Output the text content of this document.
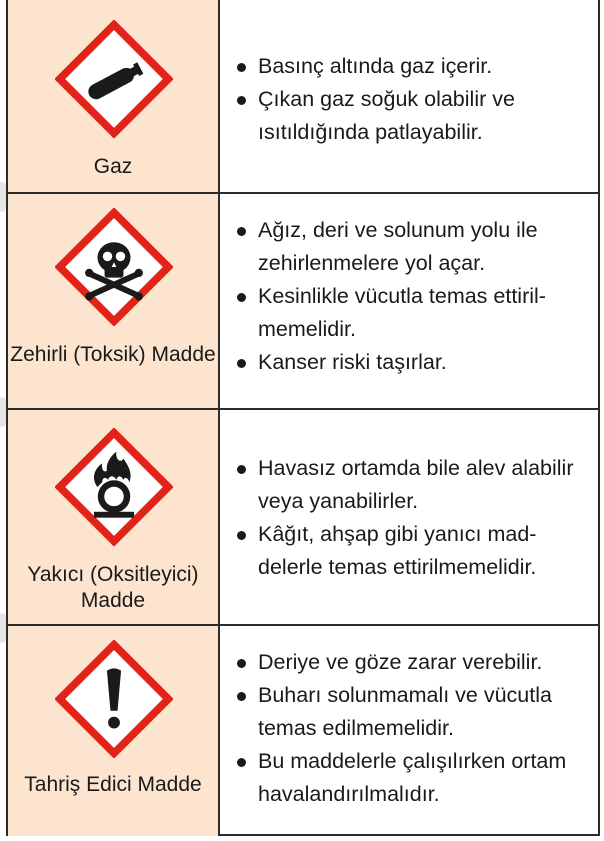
Gaz
Basınç altında gaz içerir.
Çıkan gaz soğuk olabilir ve ısıtıldığında patlayabilir.
Zehirli (Toksik) Madde
Ağız, deri ve solunum yolu ile zehirlenmelere yol açar.
Kesinlikle vücutla temas ettiril-memelidir.
Kanser riski taşırlar.
Yakıcı (Oksitleyici) Madde
Havasız ortamda bile alev alabilir veya yanabilirler.
Kâğıt, ahşap gibi yanıcı mad-delerle temas ettirilmemelidir.
Tahriş Edici Madde
Deriye ve göze zarar verebilir.
Buharı solunmamalı ve vücutla temas edilmemelidir.
Bu maddelerle çalışılırken ortam havalandırılmalıdır.
